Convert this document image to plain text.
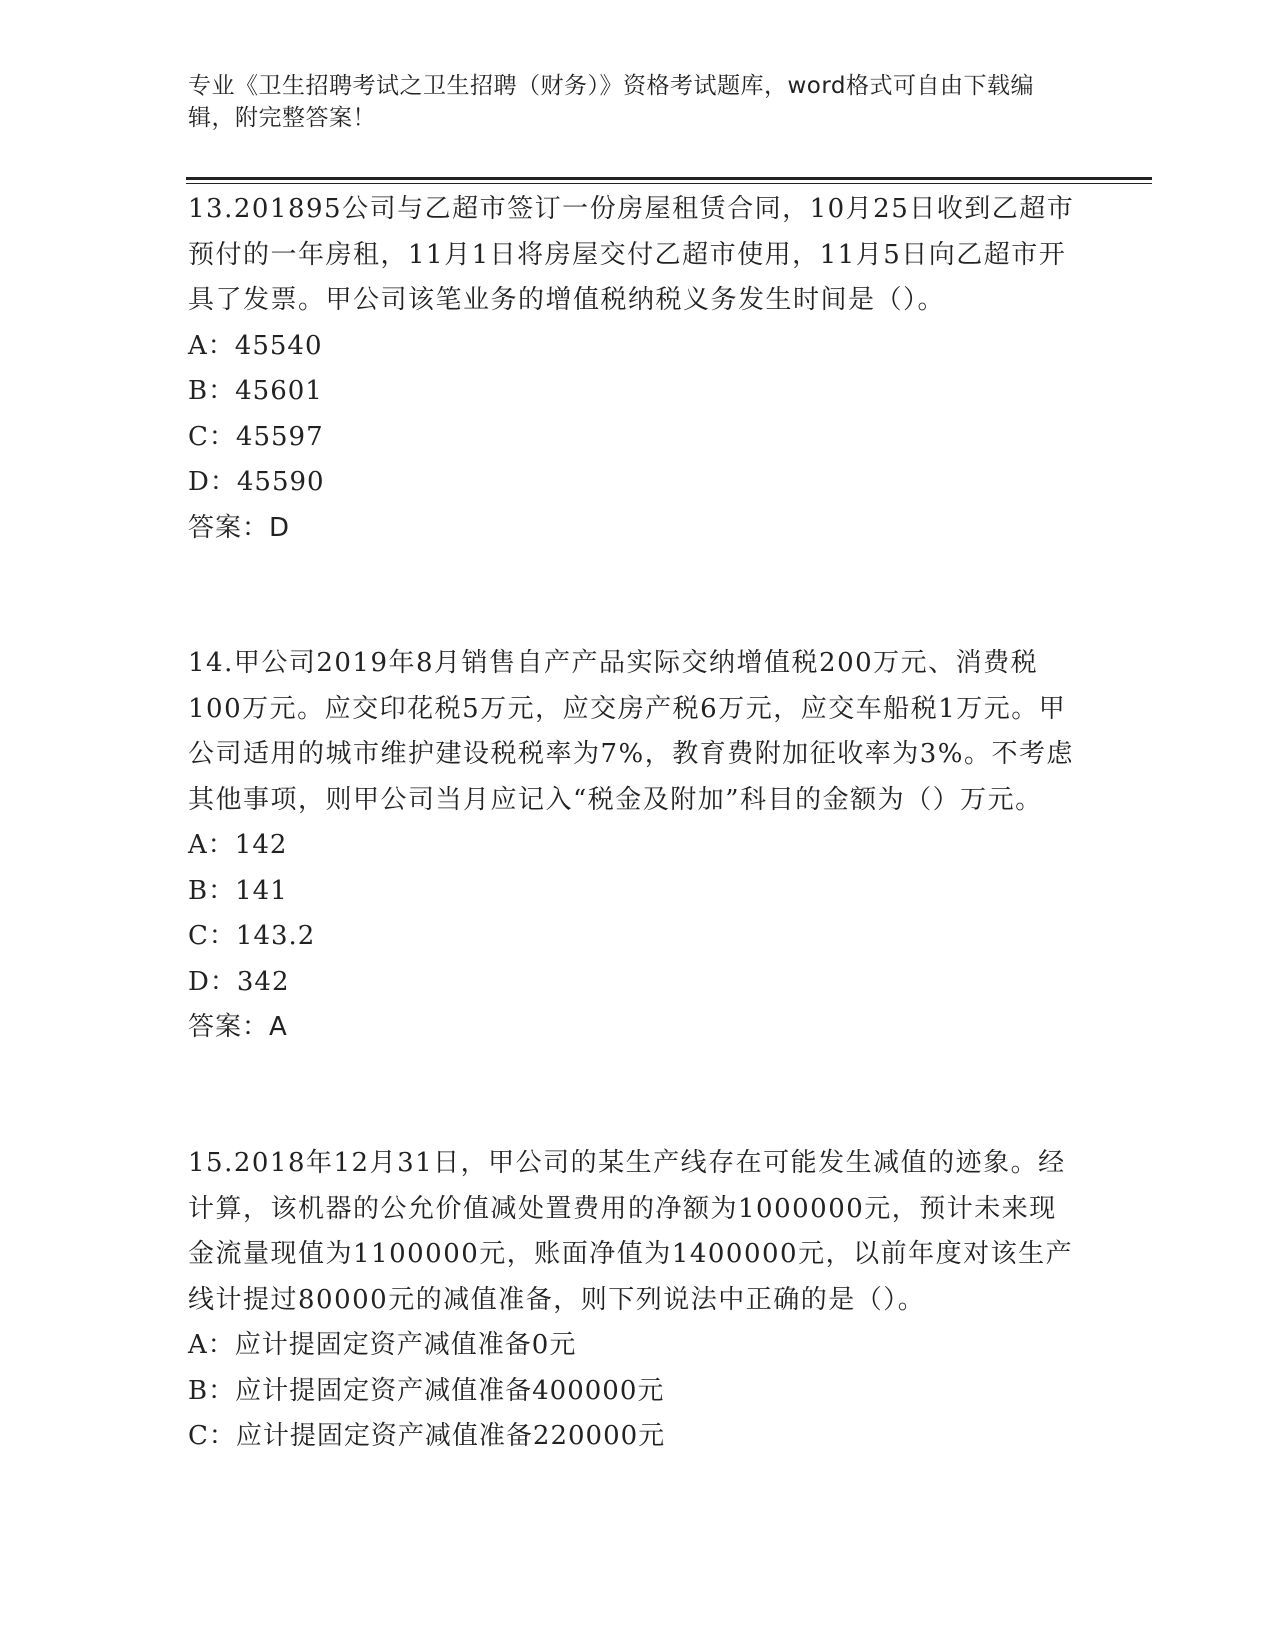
专业《卫生招聘考试之卫生招聘（财务）》资格考试题库，word格式可自由下载编辑，附完整答案！

13.201895公司与乙超市签订一份房屋租赁合同，10月25日收到乙超市预付的一年房租，11月1日将房屋交付乙超市使用，11月5日向乙超市开具了发票。甲公司该笔业务的增值税纳税义务发生时间是（）。

A：45540

B：45601

C：45597

D：45590

答案：D

14.甲公司2019年8月销售自产产品实际交纳增值税200万元、消费税100万元。应交印花税5万元，应交房产税6万元，应交车船税1万元。甲公司适用的城市维护建设税税率为7%，教育费附加征收率为3%。不考虑其他事项，则甲公司当月应记入“税金及附加”科目的金额为（）万元。

A：142

B：141

C：143.2

D：342

答案：A

15.2018年12月31日，甲公司的某生产线存在可能发生减值的迹象。经计算，该机器的公允价值减处置费用的净额为1000000元，预计未来现金流量现值为1100000元，账面净值为1400000元，以前年度对该生产线计提过80000元的减值准备，则下列说法中正确的是（）。

A：应计提固定资产减值准备0元

B：应计提固定资产减值准备400000元

C：应计提固定资产减值准备220000元
